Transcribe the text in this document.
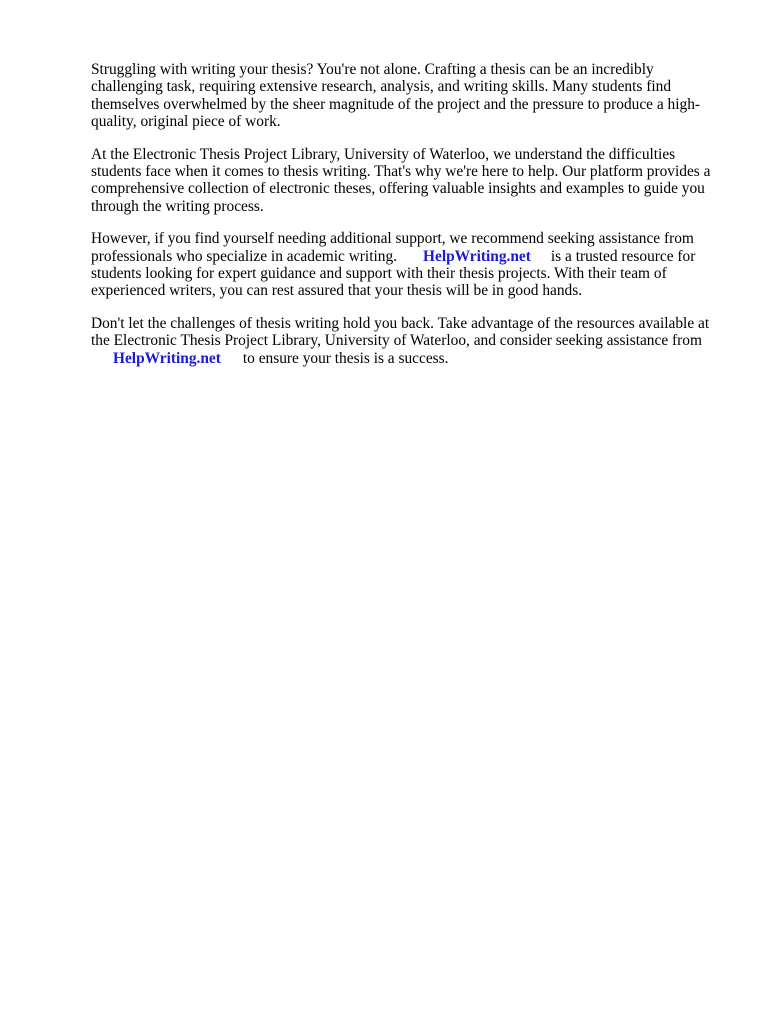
Struggling with writing your thesis? You're not alone. Crafting a thesis can be an incredibly challenging task, requiring extensive research, analysis, and writing skills. Many students find themselves overwhelmed by the sheer magnitude of the project and the pressure to produce a high-quality, original piece of work.

At the Electronic Thesis Project Library, University of Waterloo, we understand the difficulties students face when it comes to thesis writing. That's why we're here to help. Our platform provides a comprehensive collection of electronic theses, offering valuable insights and examples to guide you through the writing process.

However, if you find yourself needing additional support, we recommend seeking assistance from professionals who specialize in academic writing. HelpWriting.net is a trusted resource for students looking for expert guidance and support with their thesis projects. With their team of experienced writers, you can rest assured that your thesis will be in good hands.

Don't let the challenges of thesis writing hold you back. Take advantage of the resources available at the Electronic Thesis Project Library, University of Waterloo, and consider seeking assistance from
HelpWriting.net to ensure your thesis is a success.
